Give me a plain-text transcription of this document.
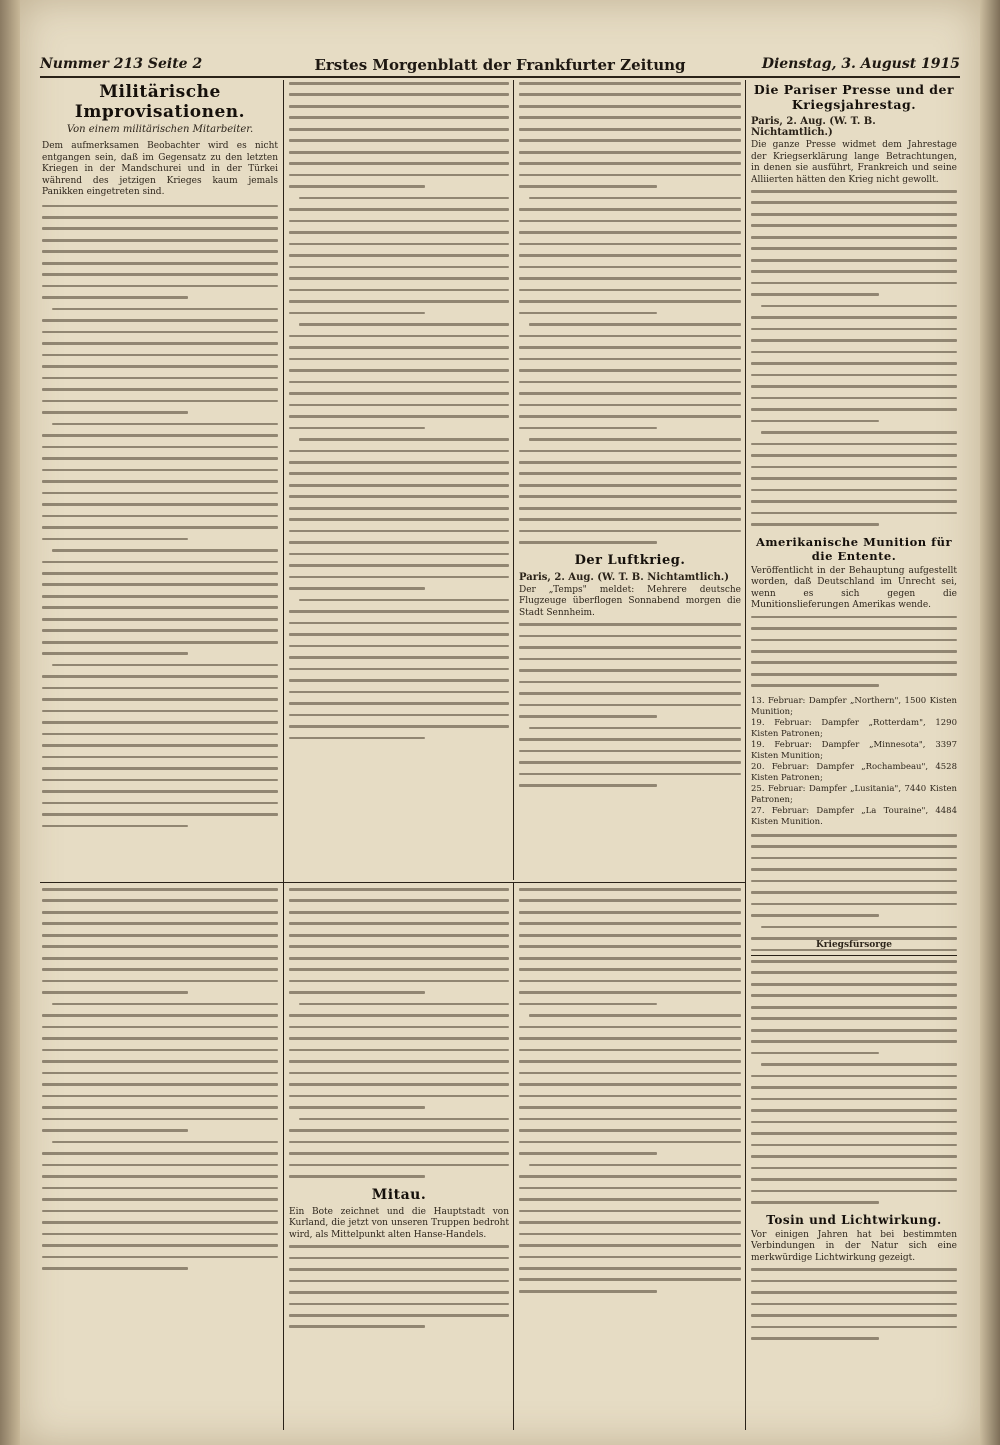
Nummer 213 Seite 2	Erstes Morgenblatt der Frankfurter Zeitung	Dienstag, 3. August 1915
Militärische Improvisationen.
Von einem militärischen Mitarbeiter.
Dem aufmerksamen Beobachter wird es nicht entgangen sein, daß im Gegensatz zu den letzten Kriegen in der Mandschurei und in der Türkei während des jetzigen Krieges kaum jemals Panikken eingetreten sind.
Der Luftkrieg.
Paris, 2. Aug. (W. T. B. Nichtamtlich.)
Der „Temps" meldet: Mehrere deutsche Flugzeuge überflogen Sonnabend morgen die Stadt Sennheim.
Die Pariser Presse und der Kriegsjahrestag.
Paris, 2. Aug. (W. T. B. Nichtamtlich.)
Die ganze Presse widmet dem Jahrestage der Kriegserklärung lange Betrachtungen, in denen sie ausführt, Frankreich und seine Alliierten hätten den Krieg nicht gewollt.
Amerikanische Munition für die Entente.
Veröffentlicht in der Behauptung aufgestellt worden, daß Deutschland im Unrecht sei, wenn es sich gegen die Munitionslieferungen Amerikas wende.
13. Februar: Dampfer „Northern", 1500 Kisten Munition;
19. Februar: Dampfer „Rotterdam", 1290 Kisten Patronen;
19. Februar: Dampfer „Minnesota", 3397 Kisten Munition;
20. Februar: Dampfer „Rochambeau", 4528 Kisten Patronen;
25. Februar: Dampfer „Lusitania", 7440 Kisten Patronen;
27. Februar: Dampfer „La Touraine", 4484 Kisten Munition.
Mitau.
Ein Bote zeichnet und die Hauptstadt von Kurland, die jetzt von unseren Truppen bedroht wird, als Mittelpunkt alten Hanse-Handels.
Tosin und Lichtwirkung.
Vor einigen Jahren hat bei bestimmten Verbindungen in der Natur sich eine merkwürdige Lichtwirkung gezeigt.
Kriegsfürsorge
